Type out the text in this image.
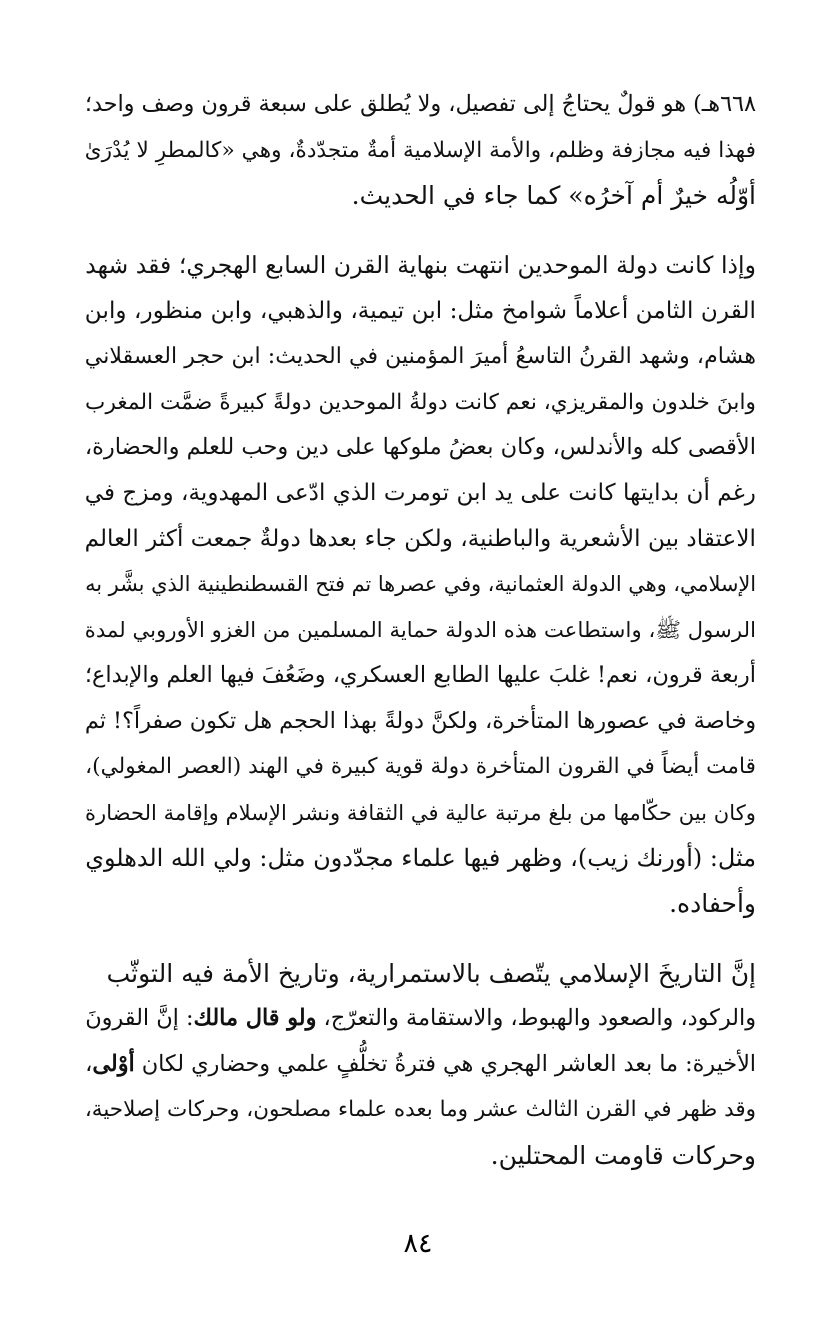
٦٦٨هـ) هو قولٌ يحتاجُ إلى تفصيل، ولا يُطلق على سبعة قرون وصف واحد؛
فهذا فيه مجازفة وظلم، والأمة الإسلامية أمةٌ متجدّدةٌ، وهي «كالمطرِ لا يُدْرَىٰ
أوّلُه خيرٌ أم آخرُه» كما جاء في الحديث.

وإذا كانت دولة الموحدين انتهت بنهاية القرن السابع الهجري؛ فقد شهد
القرن الثامن أعلاماً شوامخ مثل: ابن تيمية، والذهبي، وابن منظور، وابن
هشام، وشهد القرنُ التاسعُ أميرَ المؤمنين في الحديث: ابن حجر العسقلاني
وابنَ خلدون والمقريزي، نعم كانت دولةُ الموحدين دولةً كبيرةً ضمَّت المغرب
الأقصى كله والأندلس، وكان بعضُ ملوكها على دين وحب للعلم والحضارة،
رغم أن بدايتها كانت على يد ابن تومرت الذي ادّعى المهدوية، ومزج في
الاعتقاد بين الأشعرية والباطنية، ولكن جاء بعدها دولةٌ جمعت أكثر العالم
الإسلامي، وهي الدولة العثمانية، وفي عصرها تم فتح القسطنطينية الذي بشَّر به
الرسول ﷺ، واستطاعت هذه الدولة حماية المسلمين من الغزو الأوروبي لمدة
أربعة قرون، نعم! غلبَ عليها الطابع العسكري، وضَعُفَ فيها العلم والإبداع؛
وخاصة في عصورها المتأخرة، ولكنَّ دولةً بهذا الحجم هل تكون صفراً؟! ثم
قامت أيضاً في القرون المتأخرة دولة قوية كبيرة في الهند (العصر المغولي)،
وكان بين حكّامها من بلغ مرتبة عالية في الثقافة ونشر الإسلام وإقامة الحضارة
مثل: (أورنك زيب)، وظهر فيها علماء مجدّدون مثل: ولي الله الدهلوي
وأحفاده.

إنَّ التاريخَ الإسلامي يتّصف بالاستمرارية، وتاريخ الأمة فيه التوثّب
والركود، والصعود والهبوط، والاستقامة والتعرّج، ولو قال مالك: إنَّ القرونَ
الأخيرة: ما بعد العاشر الهجري هي فترةُ تخلُّفٍ علمي وحضاري لكان أوْلى،
وقد ظهر في القرن الثالث عشر وما بعده علماء مصلحون، وحركات إصلاحية،
وحركات قاومت المحتلين.

٨٤
